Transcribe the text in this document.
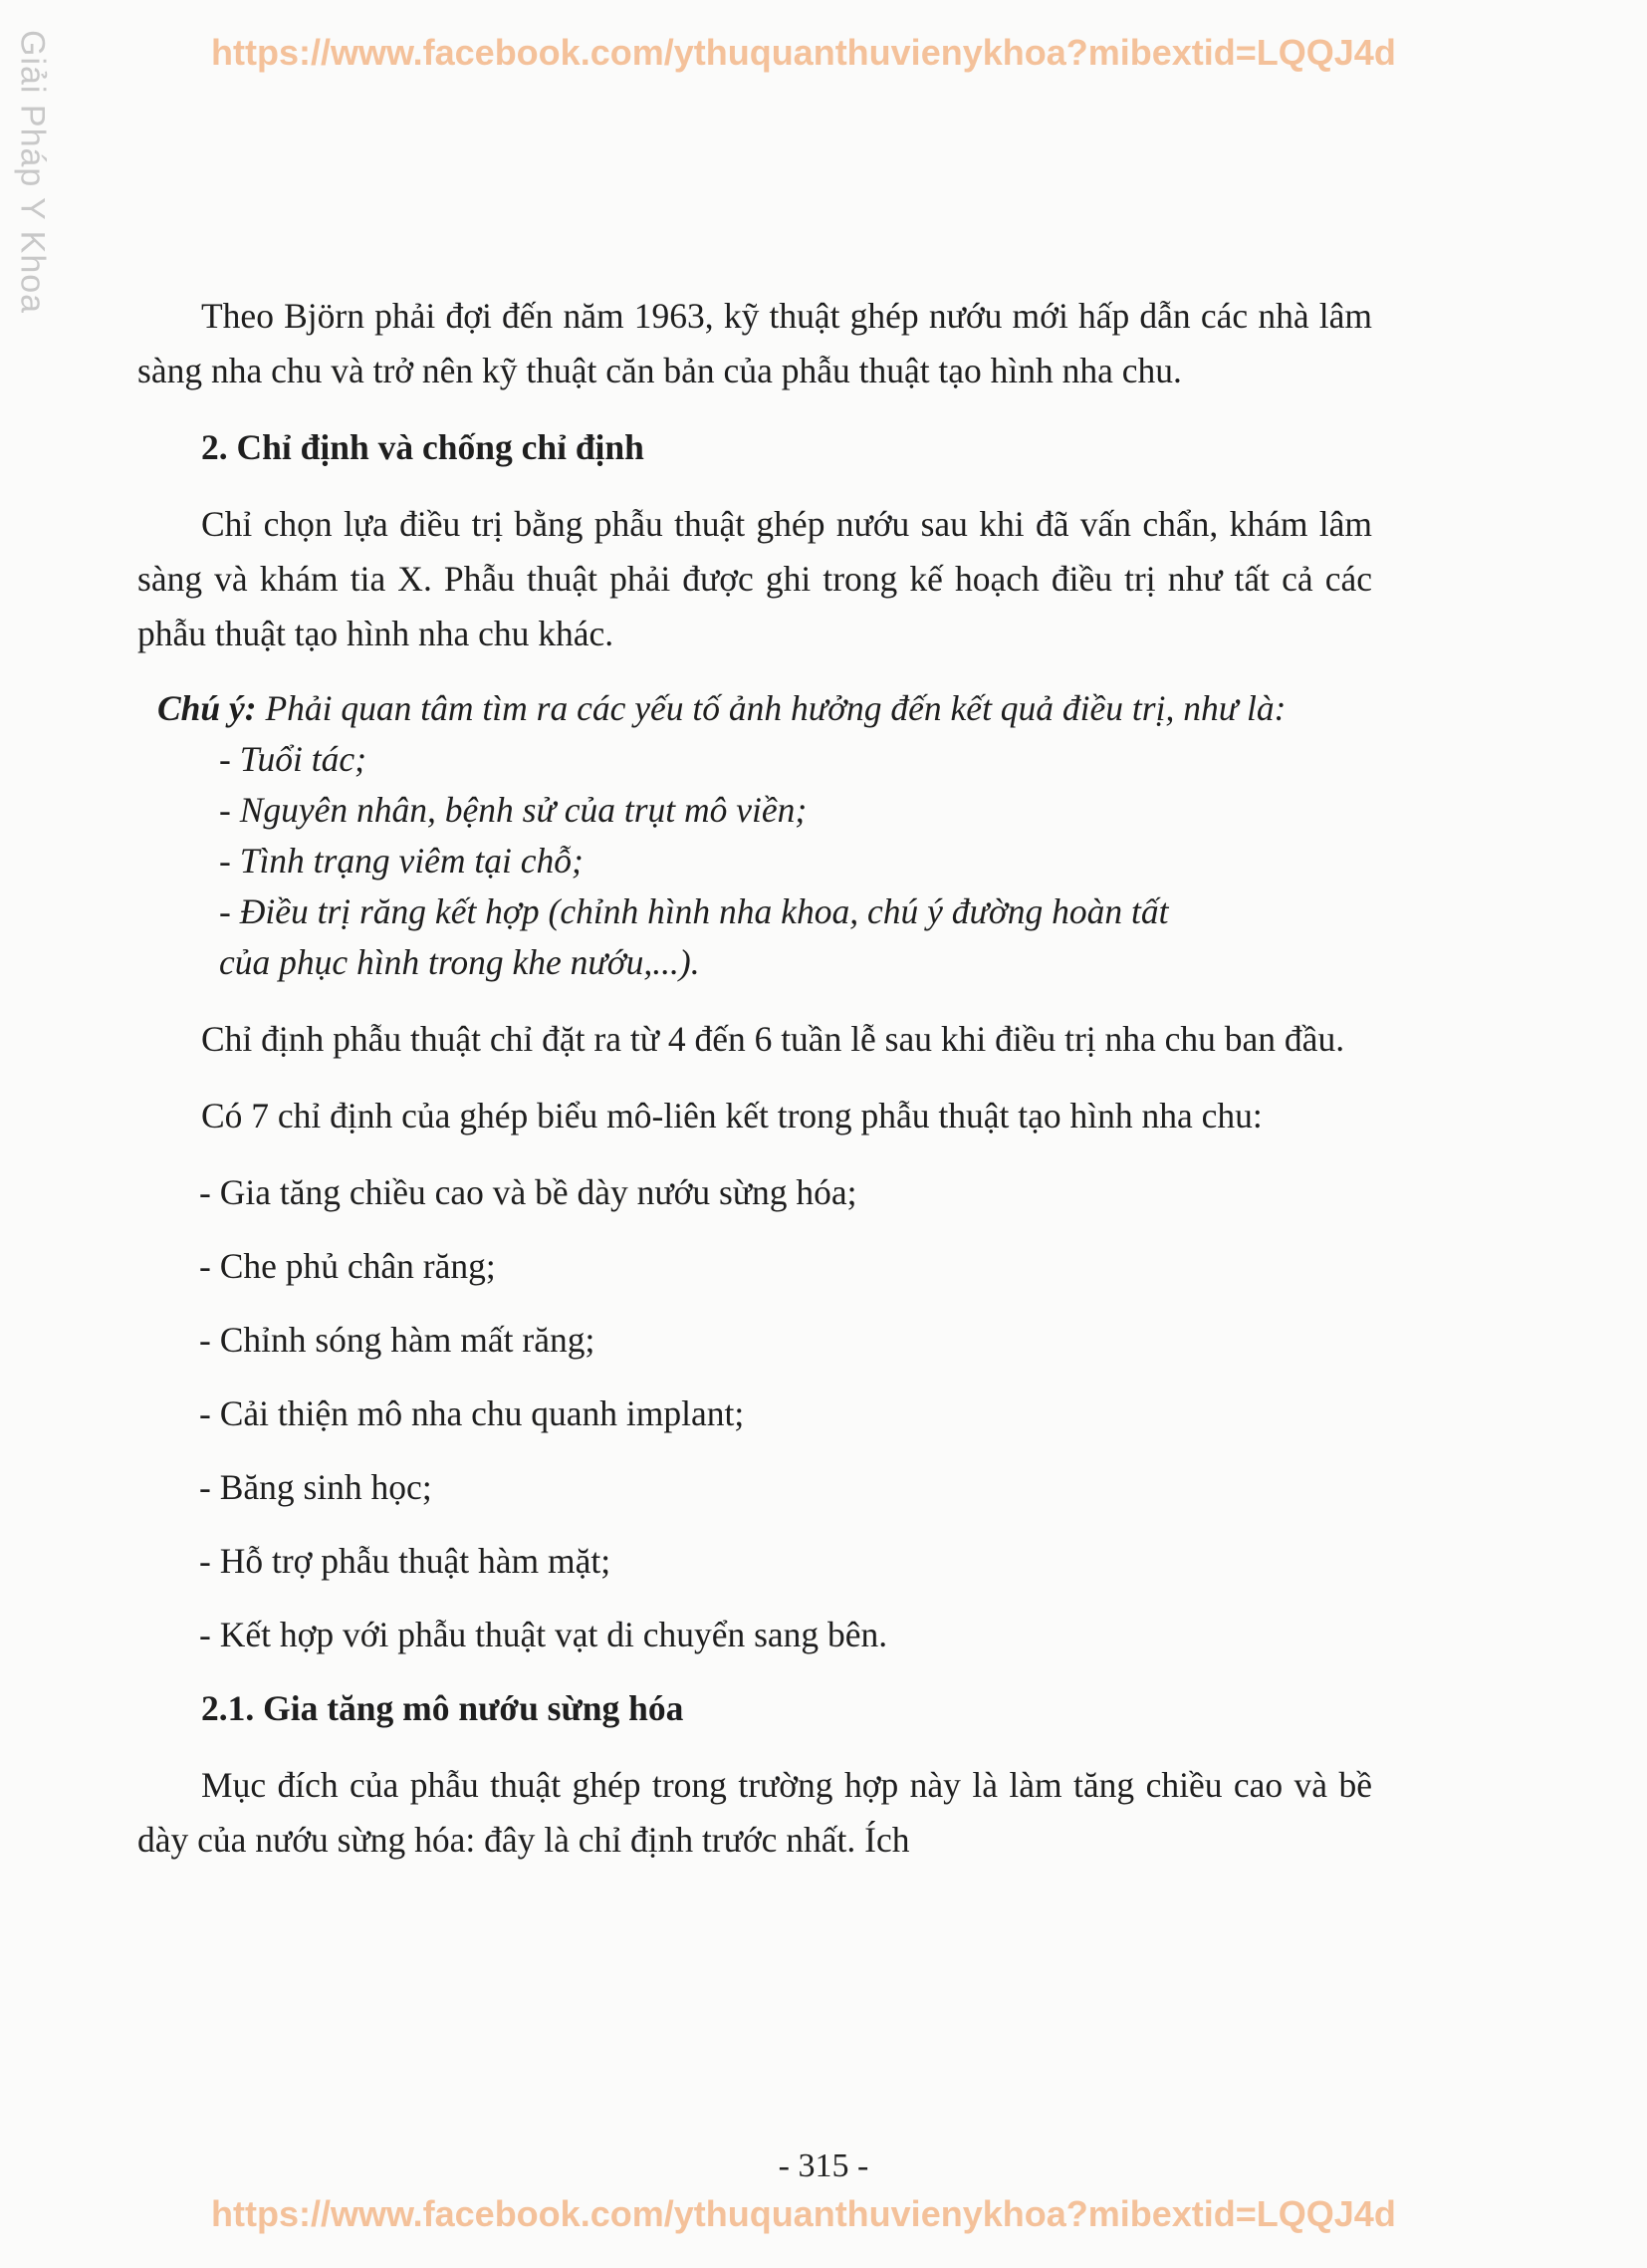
Giải Pháp Y Khoa	https://www.facebook.com/ythuquanthuvienykhoa?mibextid=LQQJ4d

Theo Björn phải đợi đến năm 1963, kỹ thuật ghép nướu mới hấp dẫn các nhà lâm sàng nha chu và trở nên kỹ thuật căn bản của phẫu thuật tạo hình nha chu.

2. Chỉ định và chống chỉ định

Chỉ chọn lựa điều trị bằng phẫu thuật ghép nướu sau khi đã vấn chẩn, khám lâm sàng và khám tia X. Phẫu thuật phải được ghi trong kế hoạch điều trị như tất cả các phẫu thuật tạo hình nha chu khác.

Chú ý: Phải quan tâm tìm ra các yếu tố ảnh hưởng đến kết quả điều trị, như là:
- Tuổi tác;
- Nguyên nhân, bệnh sử của trụt mô viền;
- Tình trạng viêm tại chỗ;
- Điều trị răng kết hợp (chỉnh hình nha khoa, chú ý đường hoàn tất
của phục hình trong khe nướu,...).

Chỉ định phẫu thuật chỉ đặt ra từ 4 đến 6 tuần lễ sau khi điều trị nha chu ban đầu.

Có 7 chỉ định của ghép biểu mô-liên kết trong phẫu thuật tạo hình nha chu:

- Gia tăng chiều cao và bề dày nướu sừng hóa;
- Che phủ chân răng;
- Chỉnh sóng hàm mất răng;
- Cải thiện mô nha chu quanh implant;
- Băng sinh học;
- Hỗ trợ phẫu thuật hàm mặt;
- Kết hợp với phẫu thuật vạt di chuyển sang bên.
2.1. Gia tăng mô nướu sừng hóa

Mục đích của phẫu thuật ghép trong trường hợp này là làm tăng chiều cao và bề dày của nướu sừng hóa: đây là chỉ định trước nhất. Ích

- 315 -
https://www.facebook.com/ythuquanthuvienykhoa?mibextid=LQQJ4d
